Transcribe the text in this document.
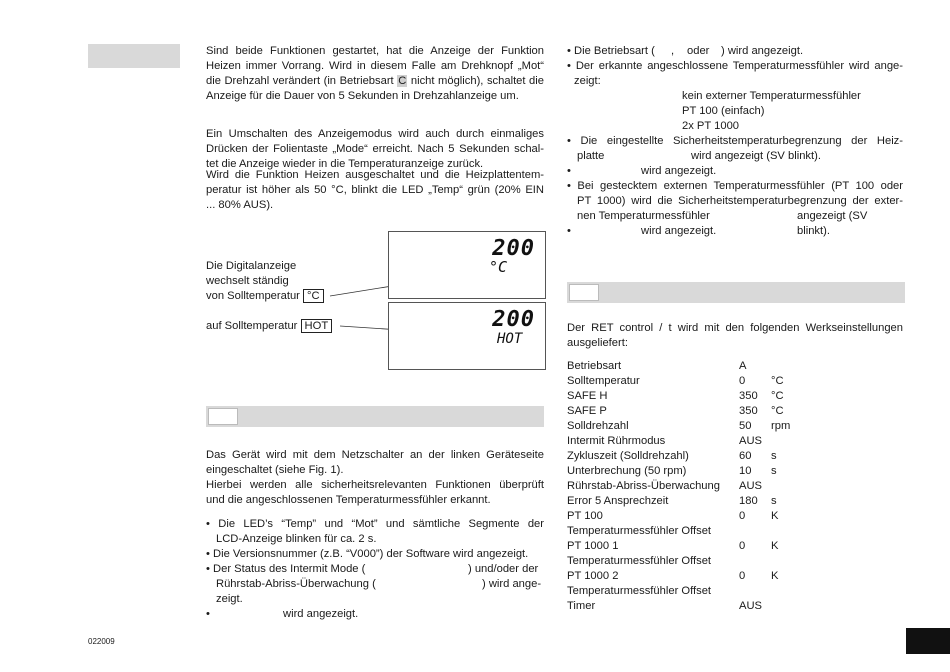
Sind beide Funktionen gestartet, hat die Anzeige der Funktion
Heizen immer Vorrang. Wird in diesem Falle am Drehknopf „Mot“
die Drehzahl verändert (in Betriebsart C nicht möglich), schaltet die
Anzeige für die Dauer von 5 Sekunden in Drehzahlanzeige um.
Ein Umschalten des Anzeigemodus wird auch durch einmaliges
Drücken der Folientaste „Mode“ erreicht. Nach 5 Sekunden schal-
tet die Anzeige wieder in die Temperaturanzeige zurück.
Wird die Funktion Heizen ausgeschaltet und die Heizplattentem-
peratur ist höher als 50 °C, blinkt die LED „Temp“ grün (20% EIN
... 80% AUS).
Die Digitalanzeige
wechselt ständig
von Solltemperatur °C
auf Solltemperatur HOT
200
°C
200
HOT
Das Gerät wird mit dem Netzschalter an der linken Geräteseite
eingeschaltet (siehe Fig. 1).
Hierbei werden alle sicherheitsrelevanten Funktionen überprüft
und die angeschlossenen Temperaturmessfühler erkannt.
• Die LED’s “Temp” und “Mot” und sämtliche Segmente der
LCD-Anzeige blinken für ca. 2 s.
• Die Versionsnummer (z.B. “V000”) der Software wird angezeigt.
• Der Status des Intermit Mode (	) und/oder der
Rührstab-Abriss-Überwachung (	) wird ange-
zeigt.
•	wird angezeigt.
022009
• Die Betriebsart ( , oder ) wird angezeigt.
• Der erkannte angeschlossene Temperaturmessfühler wird ange-
zeigt:
kein externer Temperaturmessfühler
PT 100 (einfach)
2x PT 1000
• Die eingestellte Sicherheitstemperaturbegrenzung der Heiz-
platte	wird angezeigt (SV blinkt).
•	wird angezeigt.
• Bei gestecktem externen Temperaturmessfühler (PT 100 oder
PT 1000) wird die Sicherheitstemperaturbegrenzung der exter-
nen Temperaturmessfühler	angezeigt (SV blinkt).
•	wird angezeigt.
Der RET control / t wird mit den folgenden Werkseinstellungen
ausgeliefert:
Betriebsart	A
Solltemperatur	0 °C
SAFE H	350 °C
SAFE P	350 °C
Solldrehzahl	50 rpm
Intermit Rührmodus	AUS
Zykluszeit (Solldrehzahl)	60 s
Unterbrechung (50 rpm)	10 s
Rührstab-Abriss-Überwachung AUS
Error 5 Ansprechzeit	180 s
PT 100	0 K
Temperaturmessfühler Offset
PT 1000 1	0 K
Temperaturmessfühler Offset
PT 1000 2	0 K
Temperaturmessfühler Offset
Timer	AUS
